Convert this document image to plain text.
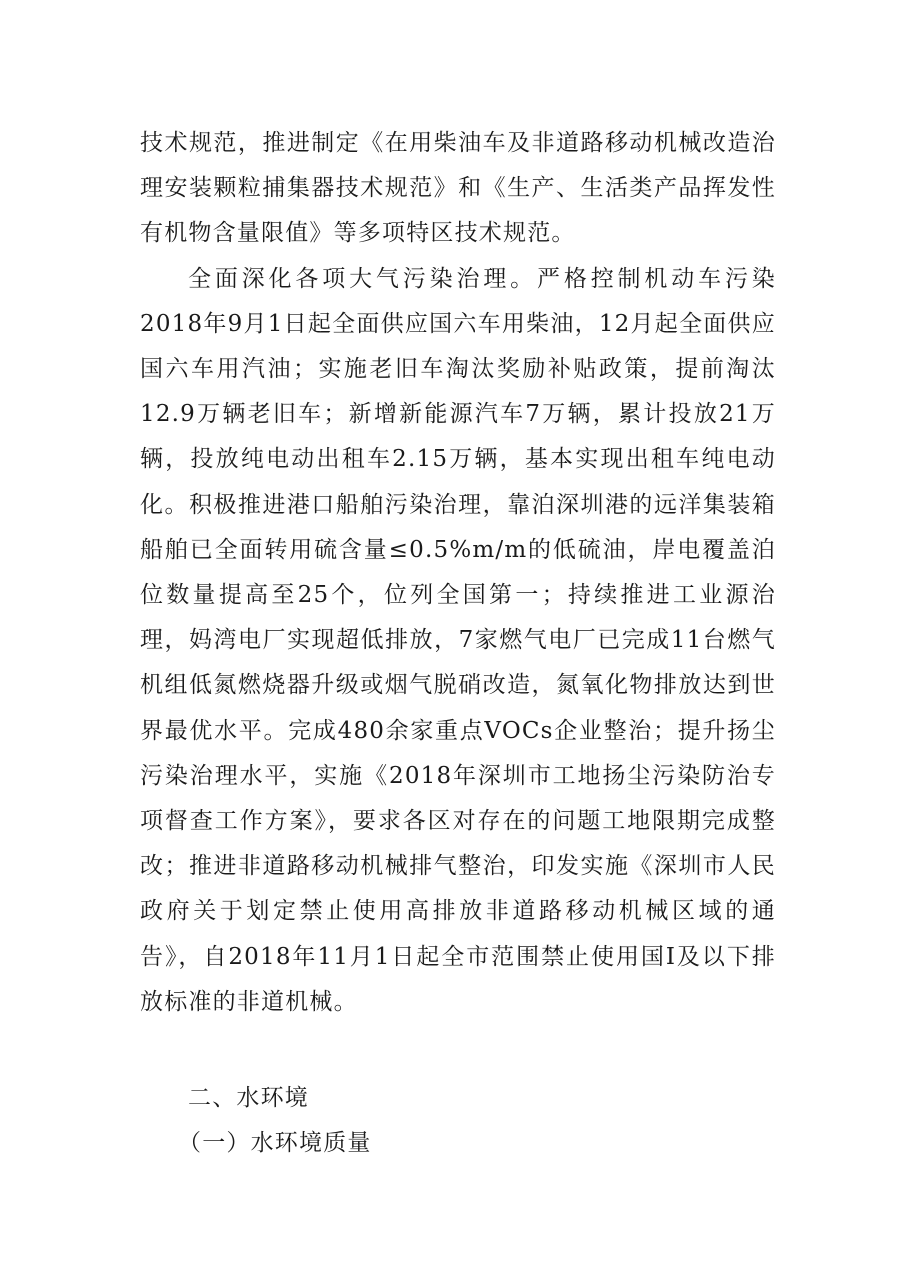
技术规范，推进制定《在用柴油车及非道路移动机械改造治理安装颗粒捕集器技术规范》和《生产、生活类产品挥发性有机物含量限值》等多项特区技术规范。

全面深化各项大气污染治理。严格控制机动车污染2018年9月1日起全面供应国六车用柴油，12月起全面供应国六车用汽油；实施老旧车淘汰奖励补贴政策，提前淘汰12.9万辆老旧车；新增新能源汽车7万辆，累计投放21万辆，投放纯电动出租车2.15万辆，基本实现出租车纯电动化。积极推进港口船舶污染治理，靠泊深圳港的远洋集装箱船舶已全面转用硫含量≤0.5%m/m的低硫油，岸电覆盖泊位数量提高至25个，位列全国第一；持续推进工业源治理，妈湾电厂实现超低排放，7家燃气电厂已完成11台燃气机组低氮燃烧器升级或烟气脱硝改造，氮氧化物排放达到世界最优水平。完成480余家重点VOCs企业整治；提升扬尘污染治理水平，实施《2018年深圳市工地扬尘污染防治专项督查工作方案》，要求各区对存在的问题工地限期完成整改；推进非道路移动机械排气整治，印发实施《深圳市人民政府关于划定禁止使用高排放非道路移动机械区域的通告》，自2018年11月1日起全市范围禁止使用国Ⅰ及以下排放标准的非道机械。

二、水环境
（一）水环境质量
